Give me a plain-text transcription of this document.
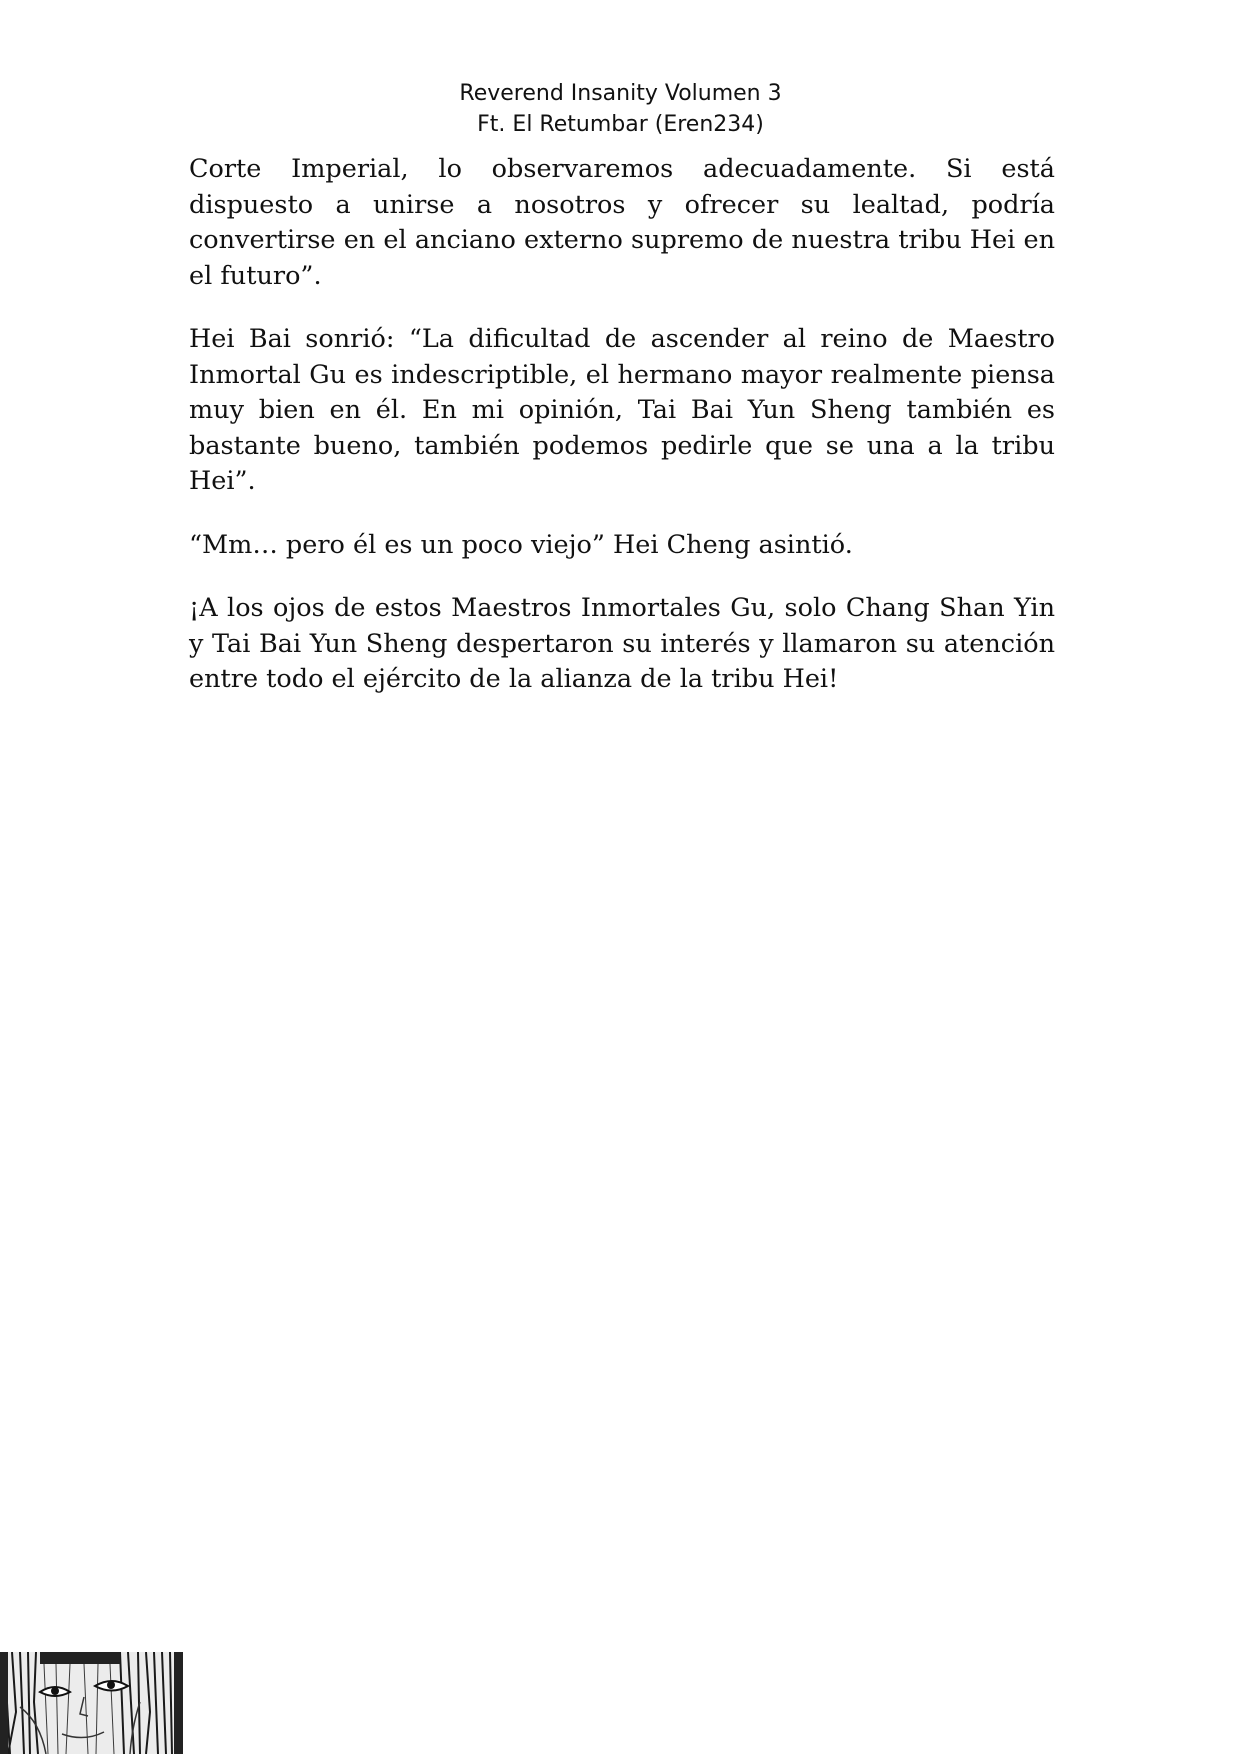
Reverend Insanity Volumen 3
Ft. El Retumbar (Eren234)

Corte Imperial, lo observaremos adecuadamente. Si está dispuesto a unirse a nosotros y ofrecer su lealtad, podría convertirse en el anciano externo supremo de nuestra tribu Hei en el futuro”.

Hei Bai sonrió: “La dificultad de ascender al reino de Maestro Inmortal Gu es indescriptible, el hermano mayor realmente piensa muy bien en él. En mi opinión, Tai Bai Yun Sheng también es bastante bueno, también podemos pedirle que se una a la tribu Hei”.

“Mm… pero él es un poco viejo” Hei Cheng asintió.

¡A los ojos de estos Maestros Inmortales Gu, solo Chang Shan Yin y Tai Bai Yun Sheng despertaron su interés y llamaron su atención entre todo el ejército de la alianza de la tribu Hei!
